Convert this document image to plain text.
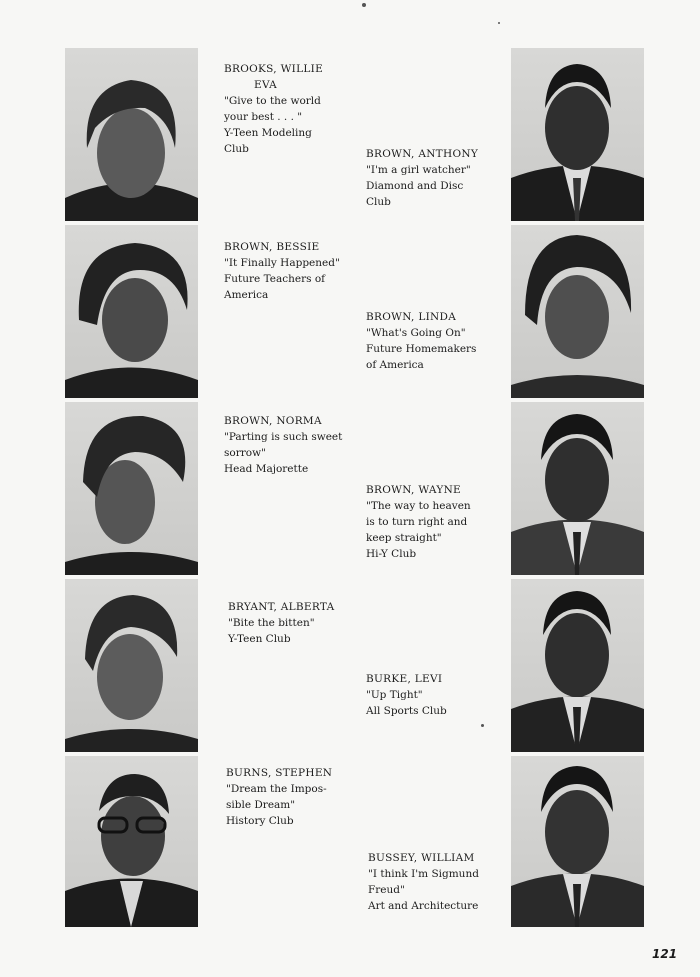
BROOKS, WILLIE
EVA
"Give to the world
your best . . . "
Y-Teen Modeling
Club
BROWN, BESSIE
"It Finally Happened"
Future Teachers of
America
BROWN, NORMA
"Parting is such sweet
sorrow"
Head Majorette
BRYANT, ALBERTA
"Bite the bitten"
Y-Teen Club
BURNS, STEPHEN
"Dream the Impos-
sible Dream"
History Club
BROWN, ANTHONY
"I'm a girl watcher"
Diamond and Disc
Club
BROWN, LINDA
"What's Going On"
Future Homemakers
of America
BROWN, WAYNE
"The way to heaven
is to turn right and
keep straight"
Hi-Y Club
BURKE, LEVI
"Up Tight"
All Sports Club
BUSSEY, WILLIAM
"I think I'm Sigmund
Freud"
Art and Architecture
121
